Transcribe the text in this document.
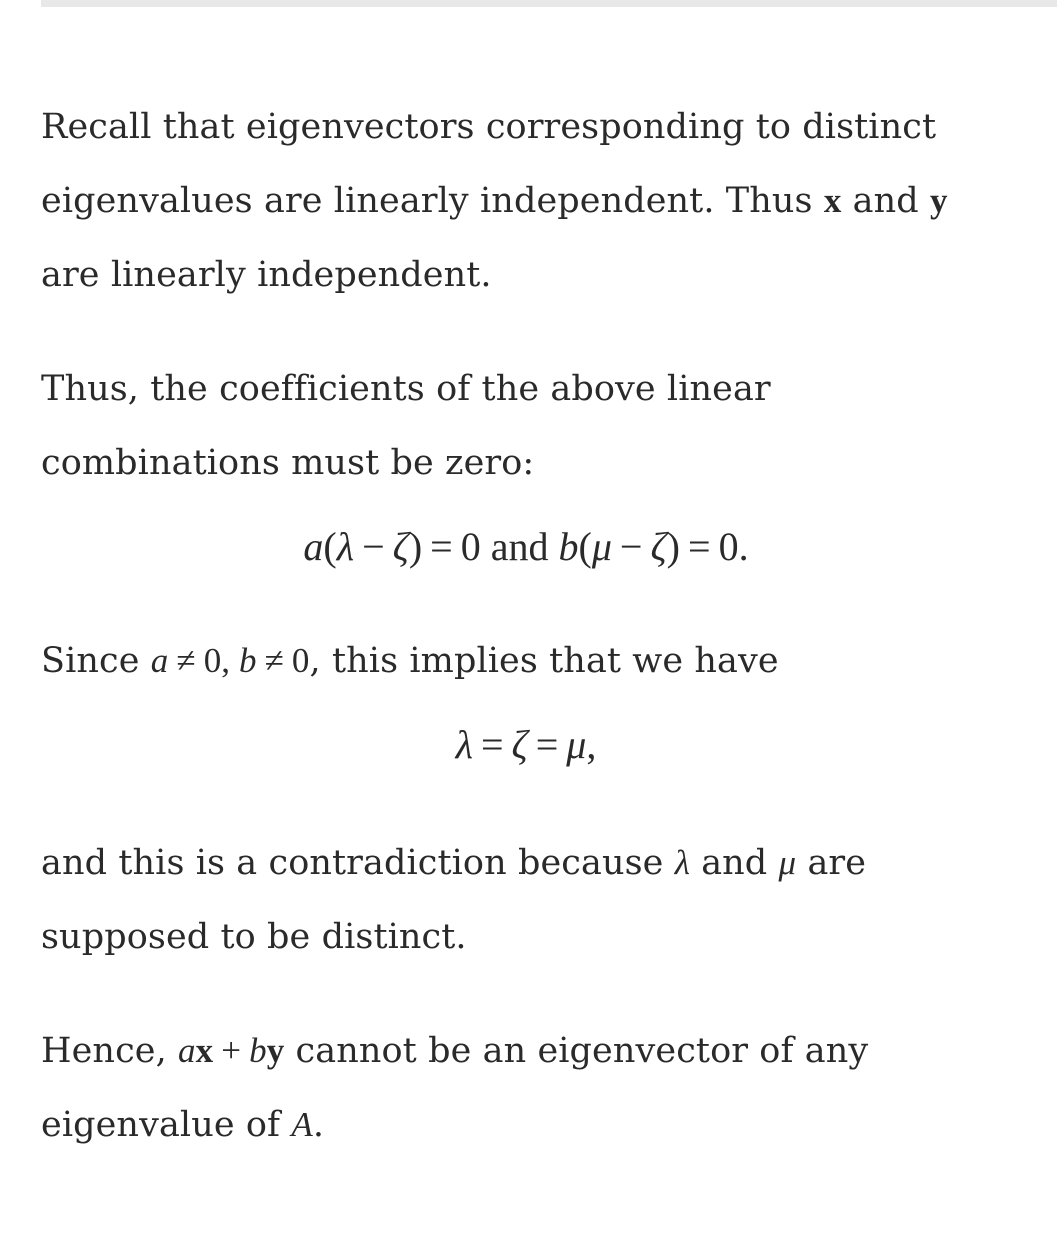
Recall that eigenvectors corresponding to distinct eigenvalues are linearly independent. Thus x and y are linearly independent.

Thus, the coefficients of the above linear combinations must be zero:

a(λ − ζ) = 0 and b(μ − ζ) = 0.

Since a ≠ 0, b ≠ 0, this implies that we have

λ = ζ = μ,

and this is a contradiction because λ and μ are supposed to be distinct.

Hence, ax + by cannot be an eigenvector of any eigenvalue of A.
